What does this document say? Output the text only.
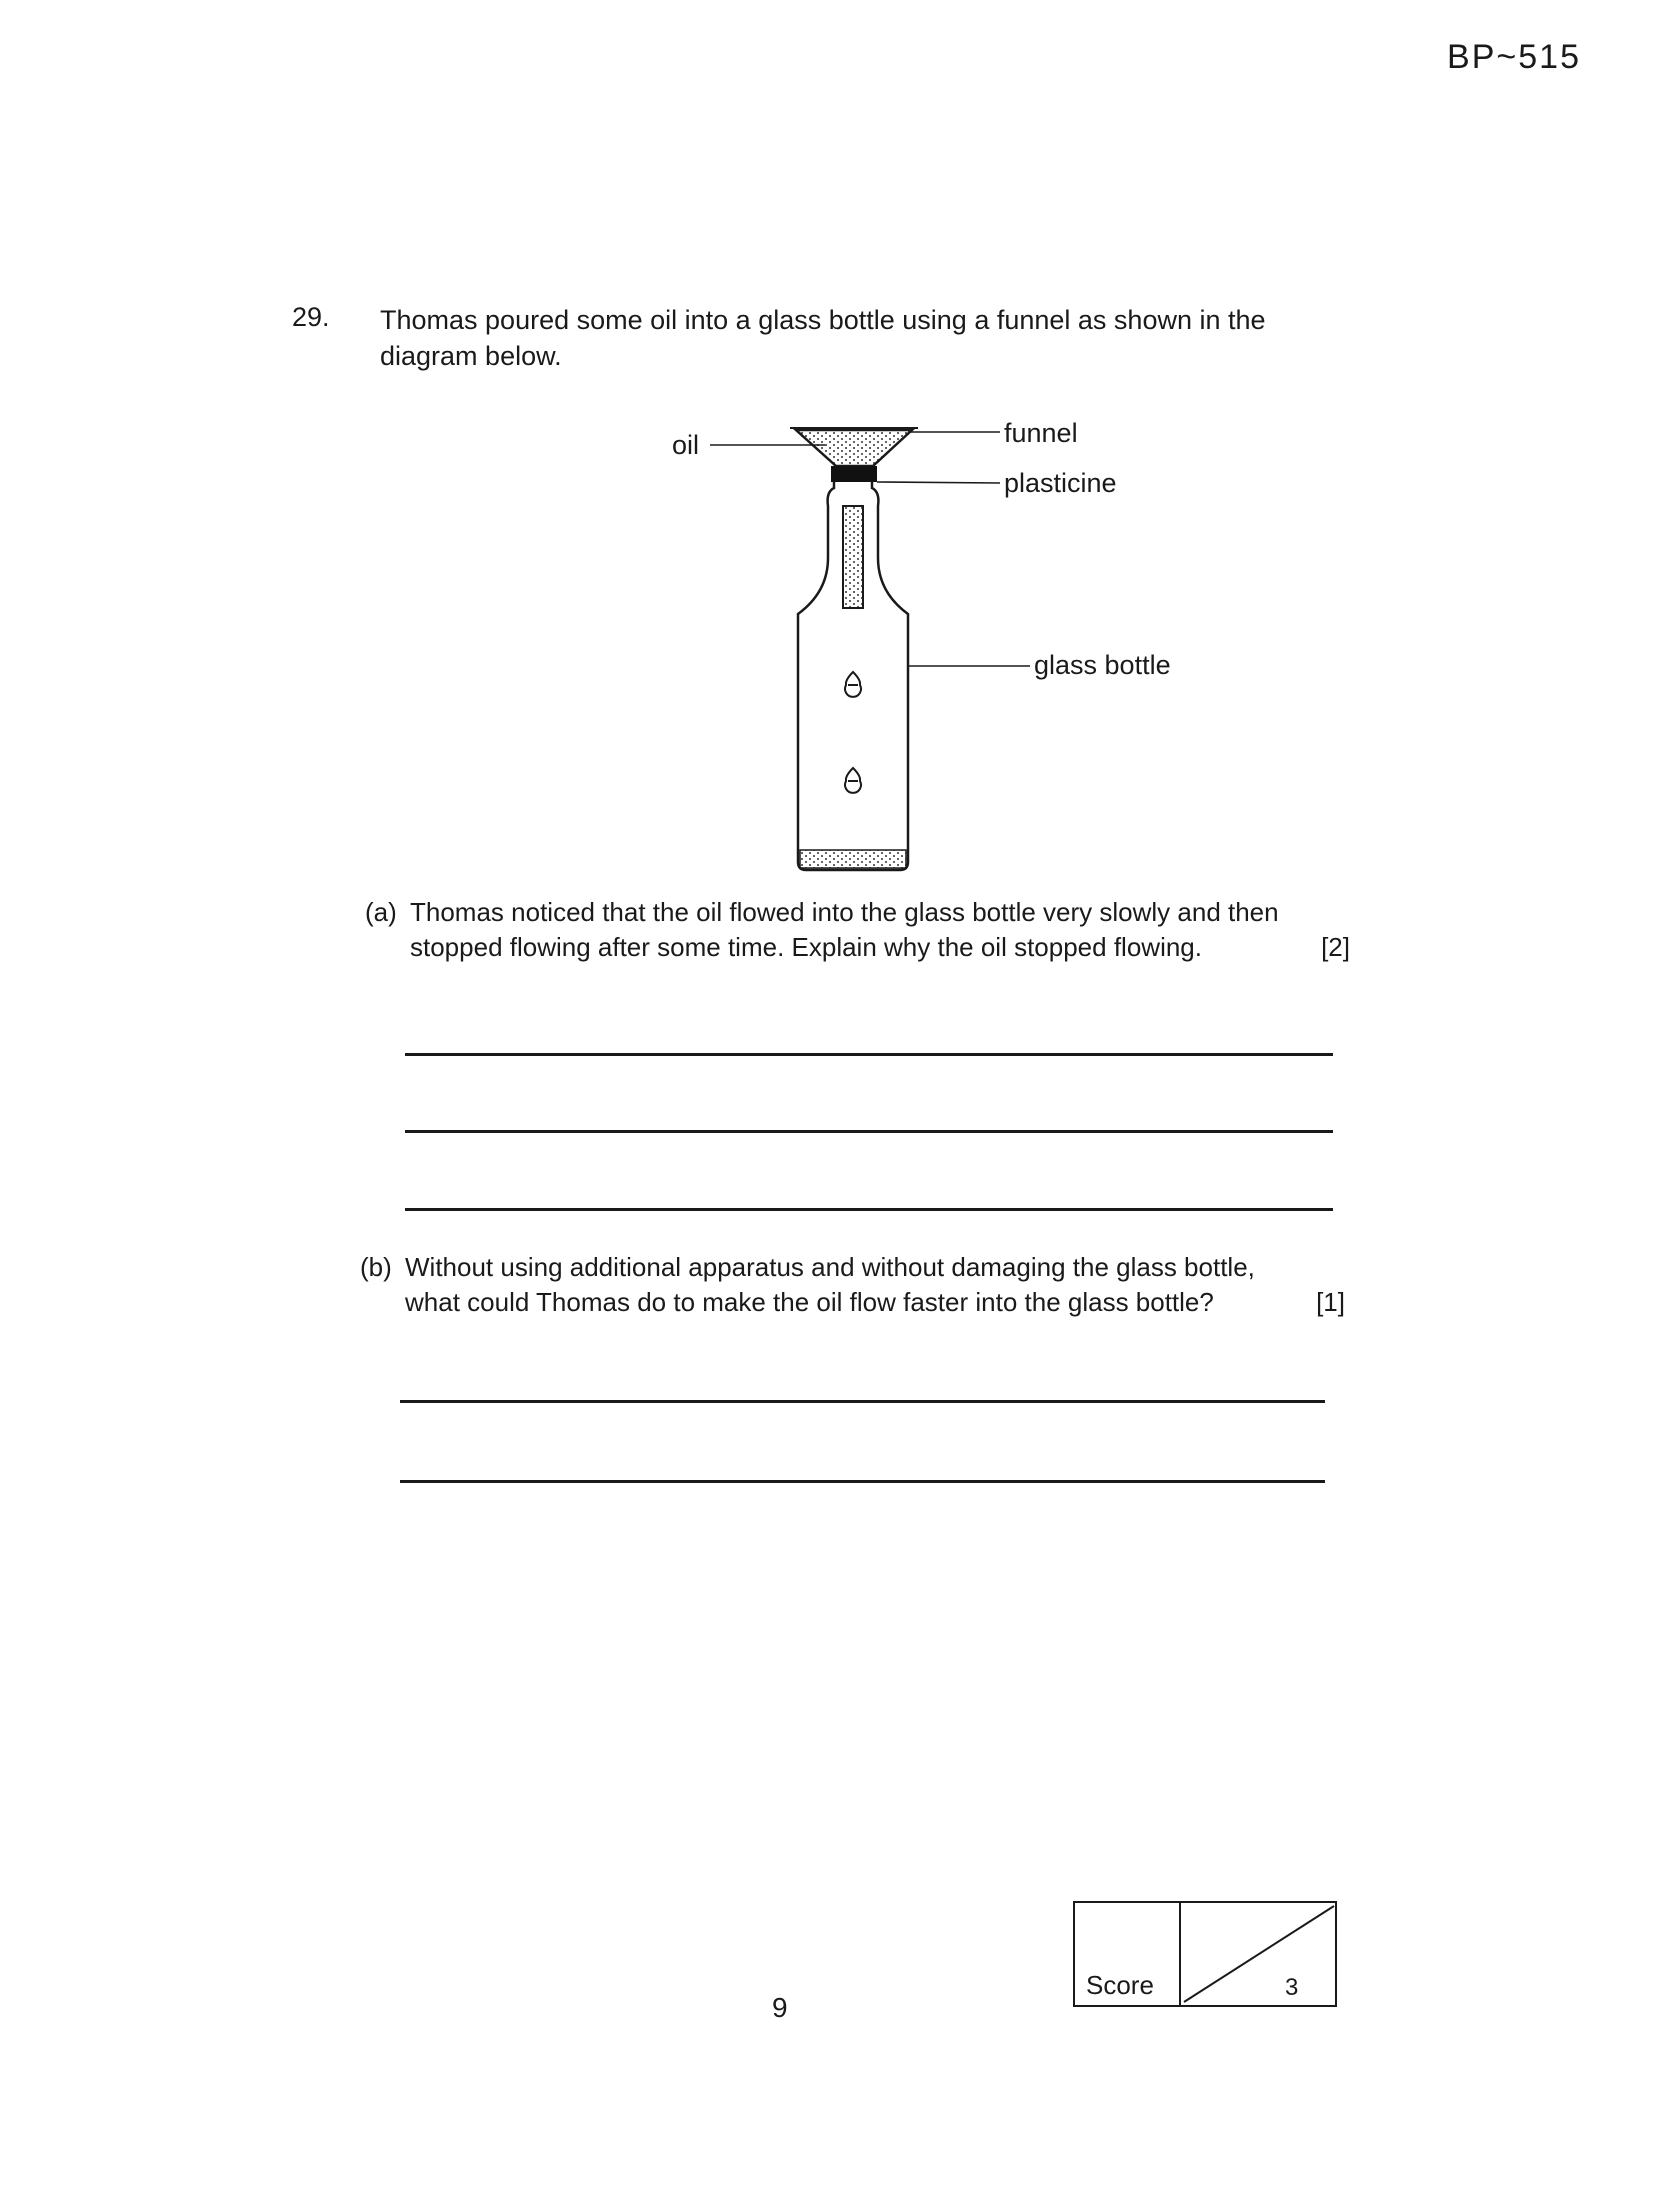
BP~515
29. Thomas poured some oil into a glass bottle using a funnel as shown in the diagram below.
oil	funnel
plasticine
glass bottle
(a) Thomas noticed that the oil flowed into the glass bottle very slowly and then stopped flowing after some time. Explain why the oil stopped flowing.	[2]
(b) Without using additional apparatus and without damaging the glass bottle, what could Thomas do to make the oil flow faster into the glass bottle?	[1]
9
Score	3
